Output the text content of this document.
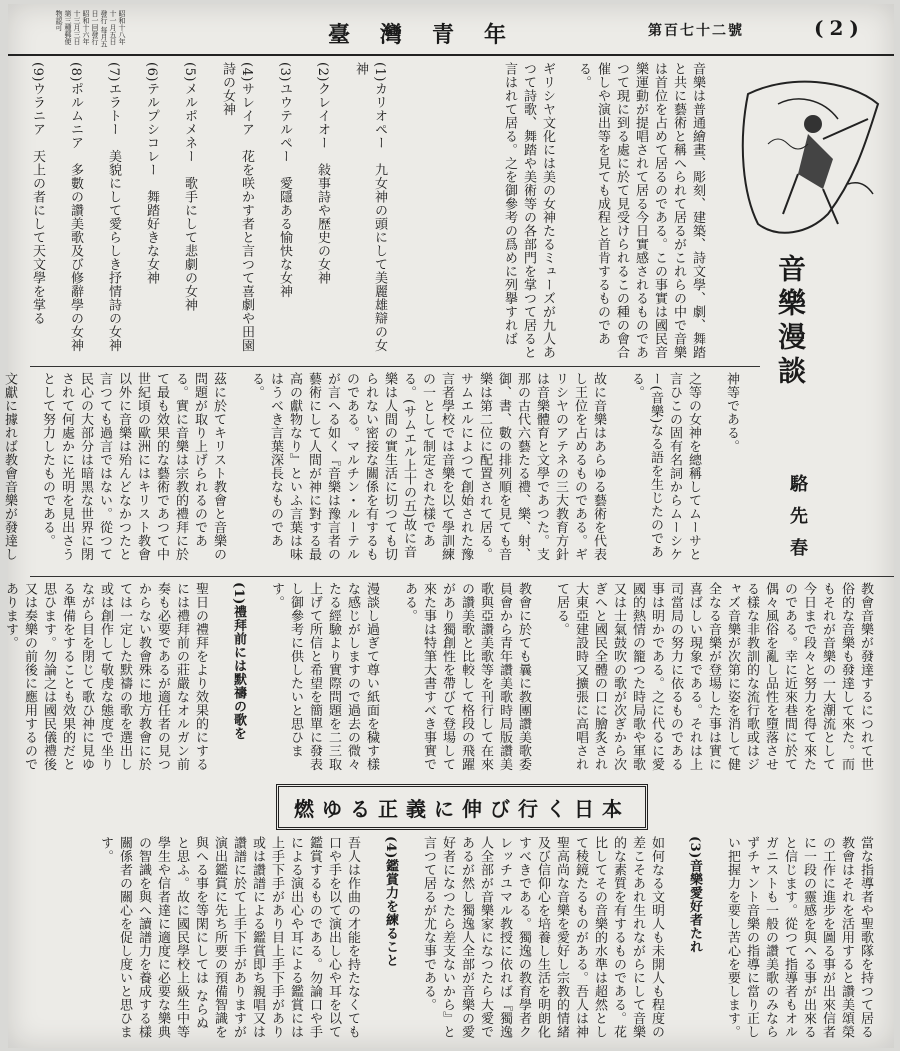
昭和十八年十一月五日發行 每月五日一回發行 昭和十六年十三月三日第三種郵便物認可
臺灣青年	第百七十二號	(2)
音樂漫談
駱先春

音樂は普通繪畫、彫刻、建築、詩文學、劇、舞踏と共に藝術と稱へられて居るがこれらの中で音樂は首位を占めて居るのである。この事實は國民音樂運動が提唱されて居る今日實感されるものであつて現に到る處に於て見受けられるこの種の會合催しや演出等を見ても成程と首肯するものである。

ギリシヤ文化には美の女神たるミューズが九人あつて詩歌、舞踏や美術等の各部門を掌つて居ると言はれて居る。之を御參考の爲めに列擧すれば

(1)カリオペー　九女神の頭にして美麗雄辯の女神

(2)クレイオー　敍事詩や歷史の女神

(3)ユウテルペー　愛隱ある愉快な女神

(4)サレイア　花を咲かす者と言つて喜劇や田園詩の女神

(5)メルポメネー　歌手にして悲劇の女神

(6)テルプシコレー　舞踏好きな女神

(7)エラトー　美貌にして愛らしき抒情詩の女神

(8)ポルムニア　多數の讚美歌及び修辭學の女神

(9)ウラニア　天上の者にして天文學を掌る

神等である。

之等の女神を總稱してムーサと言ひこの固有名詞からムーシケー(音樂)なる語を生じたのである。

故に音樂はあらゆる藝術を代表し王位を占めるものである。ギリシヤのアテネの三大教育方針は音樂體育と文學であつた。支那の古代六藝たる禮、樂、射、御、書、數の排列順を見ても音樂は第二位に配置されて居る。サムエルによつて創始された豫言者學校では音樂を以て學訓練の一として制定された樣である。(サムエル上十の五)故に音樂は人間の實生活に切つても切られない密接な關係を有するものである。マルチン・ルーテルが言へる如く『音樂は豫言者の藝術にして人間が神に對する最高の獻物なり』といふ言葉は味はうべき言葉深長なものである。

茲に於てキリスト教會と音樂の問題が取り上げられるのである。實に音樂は宗教的禮拜に於て最も效果的な藝術であつて中世紀頃の歐洲にはキリスト教會以外に音樂は殆んどなかつたと言つても過言ではない。從つて民心の大部分は暗黑な世界に閉されて何處かに光明を見出さうとして努力したものである。

文獻に據れば教會音樂が發達し

教會音樂が發達するにつれて世俗的な音樂も發達して來た。而もそれが音樂の一大潮流として今日まで段々と努力を得て來たのである。幸に近來巷間に於て偶々風俗を亂し品性を墮落させる樣な非教訓的な流行歌或はジャズ音樂が次第に姿を消して健全なる音樂が登場した事は實に喜ばしい現象である。それは上司當局の努力に依るものである事は明かである。之に代るに愛國的熱情の籠つた時局歌や軍歌又は士氣鼓吹の歌が次ぎから次ぎへと國民全體の口に膾炙され大東亞建設時又擴張に高唱されて居る。

教會に於ても曩に教團讚美歌委員會から青年讚美歌時局版讚美歌與亞讚美歌等を刊行して在來の讚美歌と比較して格段の飛躍があり獨創性を帶びて登場して來た事は特筆大書すべき事實である。

漫談し過ぎて尊い紙面を穢す樣な感じがしますので過去の微々たる經驗より實際問題を二三取上げて所信と希望を簡單に發表し御參考に供したいと思ひます。

(1)禮拜前には默禱の歌を

聖日の禮拜をより效果的にするには禮拜前の莊嚴なオルガン前奏も必要であるが適任者の見つからない教會殊に地方教會に於ては一定した默禱の歌を選出し或は創作して敬虔な態度で坐りながら目を閉じて歌ひ神に見ゆる準備をすることも效果的だと思ひます。勿論之は國民儀禮後又は奏樂の前後に應用するのであります。

燃ゆる正義に伸び行く日本

當な指導者や聖歌隊を持つて居る教會はそれを活用すると讚美頌榮の工作に進步を圖る事が出來信者に一段の靈感を與へる事が出來ると信じます。從つて指導者もオルガニストも一般の讚美歌のみならずチャント音樂の指導に當り正しい把握力を要し苦心を要します。

(3)音樂愛好者たれ

如何なる文明人も未開人も程度の差こそあれ生れながらにして音樂的な素質を有するものである。花比してその音樂的水準は超然として稜鏡たるものがある。吾人は神聖高尚な音樂を愛好し宗教的情緒及び信仰心を培養し生活を明朗化すべきである。獨逸の教育學者クレッチユマル教授に依れば『獨逸人全部が音樂家になつたら大愛であるが然し獨逸人全部が音樂の愛好者になつたら差支ないから』と言つて居るが尤な事である。

(4)鑑賞力を練ること

吾人は作曲の才能を持たなくても口や手を以て演出し心や耳を以て鑑賞するものである。勿論口や手による演出心や耳による鑑賞には上手下手があり目上手下手があり或は讚譜による鑑賞即ち親唱又は讚譜に於て上手下手がありますが演出鑑賞に先ち所要の預備智識を與へる事を等閑にしては ならぬと思ふ。故に國民學校上級生中等學生や信者達に適度に必要な樂典の智識を與へ讀譜力を養成する樣關係者の關心を促し度いと思ひます。
